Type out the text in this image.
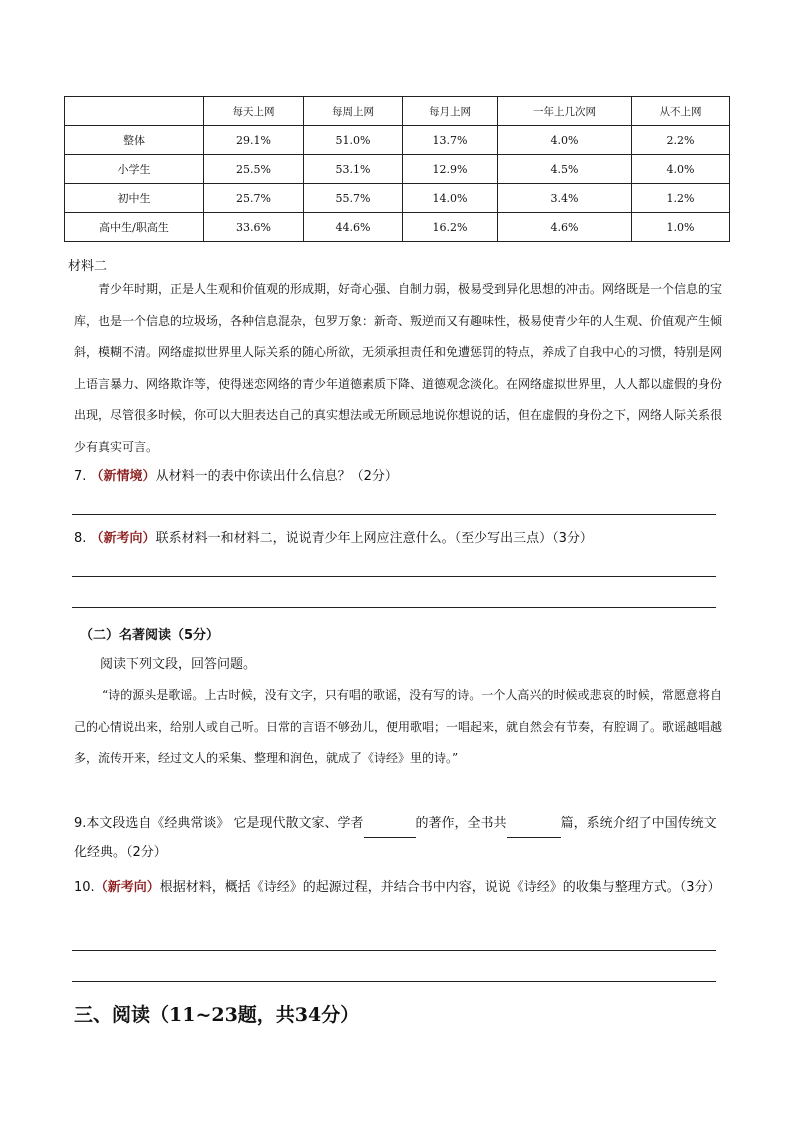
	每天上网	每周上网	每月上网	一年上几次网	从不上网
整体	29.1%	51.0%	13.7%	4.0%	2.2%
小学生	25.5%	53.1%	12.9%	4.5%	4.0%
初中生	25.7%	55.7%	14.0%	3.4%	1.2%
高中生/职高生	33.6%	44.6%	16.2%	4.6%	1.0%
材料二
青少年时期，正是人生观和价值观的形成期，好奇心强、自制力弱，极易受到异化思想的冲击。网络既是一个信息的宝库，也是一个信息的垃圾场，各种信息混杂，包罗万象：新奇、叛逆而又有趣味性，极易使青少年的人生观、价值观产生倾斜，模糊不清。网络虚拟世界里人际关系的随心所欲，无须承担责任和免遭惩罚的特点，养成了自我中心的习惯，特别是网上语言暴力、网络欺诈等，使得迷恋网络的青少年道德素质下降、道德观念淡化。在网络虚拟世界里，人人都以虚假的身份出现，尽管很多时候，你可以大胆表达自己的真实想法或无所顾忌地说你想说的话，但在虚假的身份之下，网络人际关系很少有真实可言。
7. （新情境）从材料一的表中你读出什么信息？（2分）
8. （新考向）联系材料一和材料二，说说青少年上网应注意什么。（至少写出三点）（3分）
（二）名著阅读（5分）
阅读下列文段，回答问题。
“诗的源头是歌谣。上古时候，没有文字，只有唱的歌谣，没有写的诗。一个人高兴的时候或悲哀的时候，常愿意将自己的心情说出来，给别人或自己听。日常的言语不够劲儿，便用歌唱；一唱起来，就自然会有节奏，有腔调了。歌谣越唱越多，流传开来，经过文人的采集、整理和润色，就成了《诗经》里的诗。”
9.本文段选自《经典常谈》 它是现代散文家、学者	的著作，全书共	篇，系统介绍了中国传统文化经典。（2分）
10.（新考向）根据材料，概括《诗经》的起源过程，并结合书中内容，说说《诗经》的收集与整理方式。（3分）
三、阅读（11~23题，共34分）
